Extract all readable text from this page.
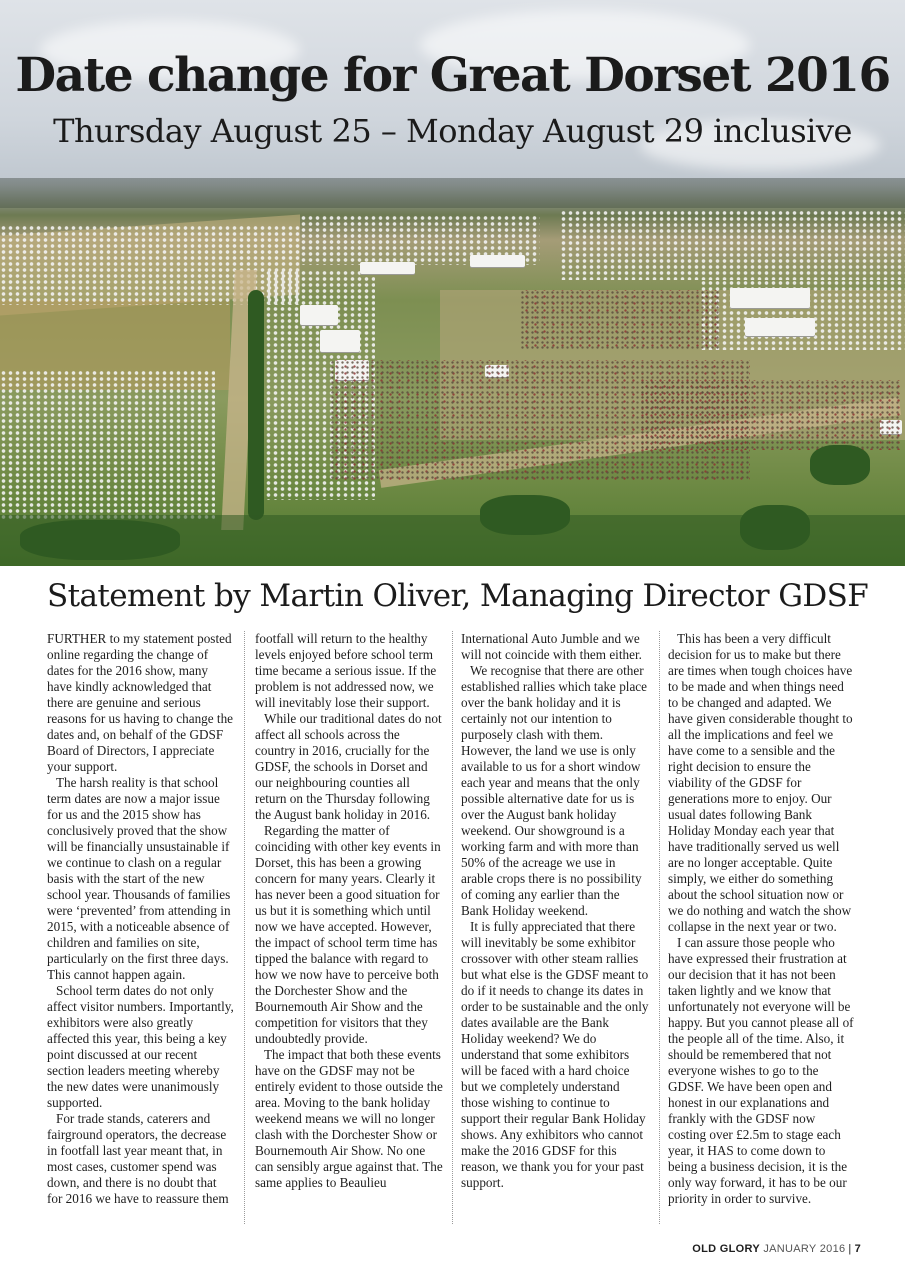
Date change for Great Dorset 2016
Thursday August 25 – Monday August 29 inclusive
Statement by Martin Oliver, Managing Director GDSF

FURTHER to my statement posted online regarding the change of dates for the 2016 show, many have kindly acknowledged that there are genuine and serious reasons for us having to change the dates and, on behalf of the GDSF Board of Directors, I appreciate your support.

The harsh reality is that school term dates are now a major issue for us and the 2015 show has conclusively proved that the show will be financially unsustainable if we continue to clash on a regular basis with the start of the new school year. Thousands of families were ‘prevented’ from attending in 2015, with a noticeable absence of children and families on site, particularly on the first three days. This cannot happen again.

School term dates do not only affect visitor numbers. Importantly, exhibitors were also greatly affected this year, this being a key point discussed at our recent section leaders meeting whereby the new dates were unanimously supported.

For trade stands, caterers and fairground operators, the decrease in footfall last year meant that, in most cases, customer spend was down, and there is no doubt that for 2016 we have to reassure them

footfall will return to the healthy levels enjoyed before school term time became a serious issue. If the problem is not addressed now, we will inevitably lose their support.

While our traditional dates do not affect all schools across the country in 2016, crucially for the GDSF, the schools in Dorset and our neighbouring counties all return on the Thursday following the August bank holiday in 2016.

Regarding the matter of coinciding with other key events in Dorset, this has been a growing concern for many years. Clearly it has never been a good situation for us but it is something which until now we have accepted. However, the impact of school term time has tipped the balance with regard to how we now have to perceive both the Dorchester Show and the Bournemouth Air Show and the competition for visitors that they undoubtedly provide.

The impact that both these events have on the GDSF may not be entirely evident to those outside the area. Moving to the bank holiday weekend means we will no longer clash with the Dorchester Show or Bournemouth Air Show. No one can sensibly argue against that. The same applies to Beaulieu

International Auto Jumble and we will not coincide with them either.

We recognise that there are other established rallies which take place over the bank holiday and it is certainly not our intention to purposely clash with them. However, the land we use is only available to us for a short window each year and means that the only possible alternative date for us is over the August bank holiday weekend. Our showground is a working farm and with more than 50% of the acreage we use in arable crops there is no possibility of coming any earlier than the Bank Holiday weekend.

It is fully appreciated that there will inevitably be some exhibitor crossover with other steam rallies but what else is the GDSF meant to do if it needs to change its dates in order to be sustainable and the only dates available are the Bank Holiday weekend? We do understand that some exhibitors will be faced with a hard choice but we completely understand those wishing to continue to support their regular Bank Holiday shows. Any exhibitors who cannot make the 2016 GDSF for this reason, we thank you for your past support.

This has been a very difficult decision for us to make but there are times when tough choices have to be made and when things need to be changed and adapted. We have given considerable thought to all the implications and feel we have come to a sensible and the right decision to ensure the viability of the GDSF for generations more to enjoy. Our usual dates following Bank Holiday Monday each year that have traditionally served us well are no longer acceptable. Quite simply, we either do something about the school situation now or we do nothing and watch the show collapse in the next year or two.

I can assure those people who have expressed their frustration at our decision that it has not been taken lightly and we know that unfortunately not everyone will be happy. But you cannot please all of the people all of the time. Also, it should be remembered that not everyone wishes to go to the GDSF. We have been open and honest in our explanations and frankly with the GDSF now costing over £2.5m to stage each year, it HAS to come down to being a business decision, it is the only way forward, it has to be our priority in order to survive.

OLD GLORY JANUARY 2016 | 7
